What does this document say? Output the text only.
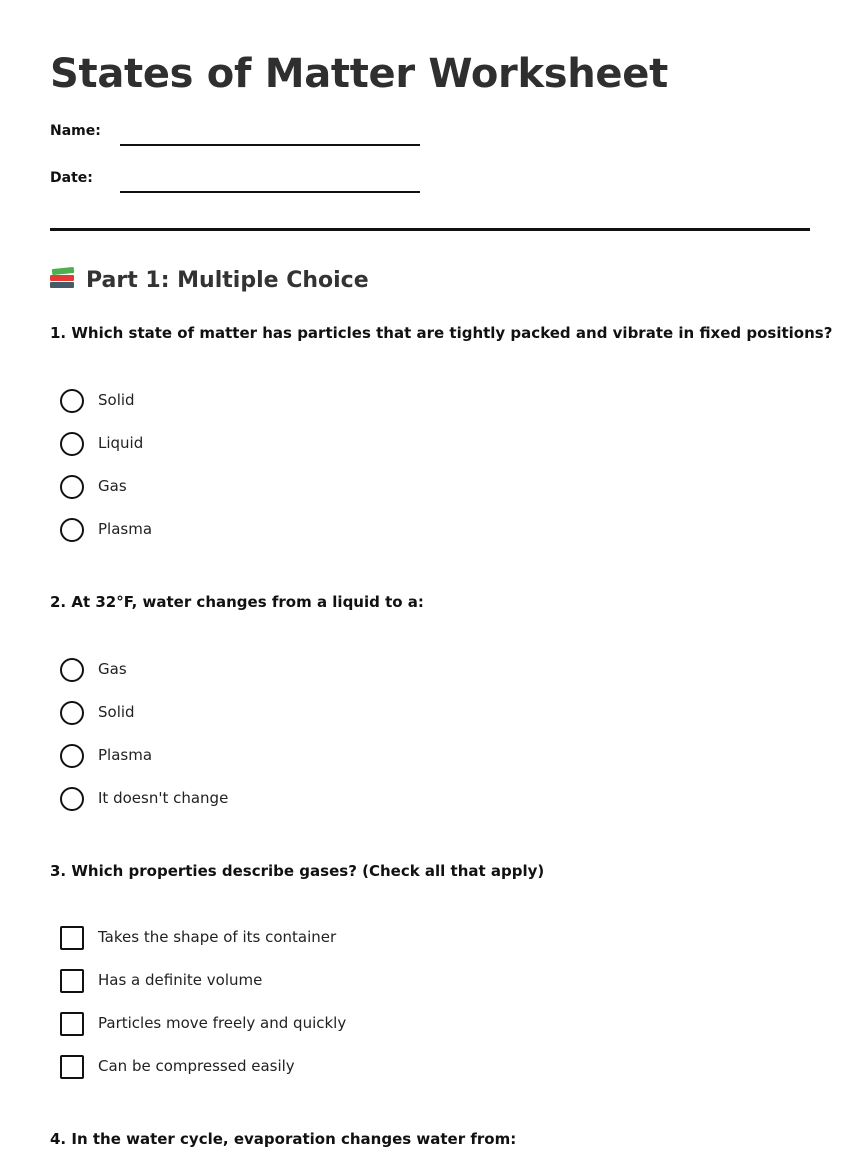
States of Matter Worksheet
Name:
Date:
Part 1: Multiple Choice

1. Which state of matter has particles that are tightly packed and vibrate in fixed positions?

Solid
Liquid
Gas
Plasma

2. At 32°F, water changes from a liquid to a:

Gas
Solid
Plasma
It doesn't change

3. Which properties describe gases? (Check all that apply)

Takes the shape of its container
Has a definite volume
Particles move freely and quickly
Can be compressed easily

4. In the water cycle, evaporation changes water from:
